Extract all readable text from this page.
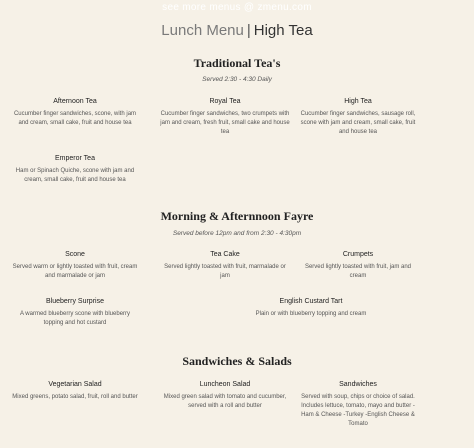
see more menus @ zmenu.com
Lunch Menu | High Tea
Traditional Tea's
Served 2:30 - 4:30 Daily
Afternoon Tea
Cucumber finger sandwiches, scone, with jam and cream, small cake, fruit and house tea
Royal Tea
Cucumber finger sandwiches, two crumpets with jam and cream, fresh fruit, small cake and house tea
High Tea
Cucumber finger sandwiches, sausage roll, scone with jam and cream, small cake, fruit and house tea
Emperor Tea
Ham or Spinach Quiche, scone with jam and cream, small cake, fruit and house tea
Morning & Afternnoon Fayre
Served before 12pm and from 2:30 - 4:30pm
Scone
Served warm or lightly toasted with fruit, cream and marmalade or jam
Tea Cake
Served lightly toasted with fruit, marmalade or jam
Crumpets
Served lightly toasted with fruit, jam and cream
Blueberry Surprise
A warmed blueberry scone with blueberry topping and hot custard
English Custard Tart
Plain or with blueberry topping and cream
Sandwiches & Salads
Vegetarian Salad
Mixed greens, potato salad, fruit, roll and butter
Luncheon Salad
Mixed green salad with tomato and cucumber, served with a roll and butter
Sandwiches
Served with soup, chips or choice of salad. Includes lettuce, tomato, mayo and butter - Ham & Cheese -Turkey -English Cheese & Tomato
